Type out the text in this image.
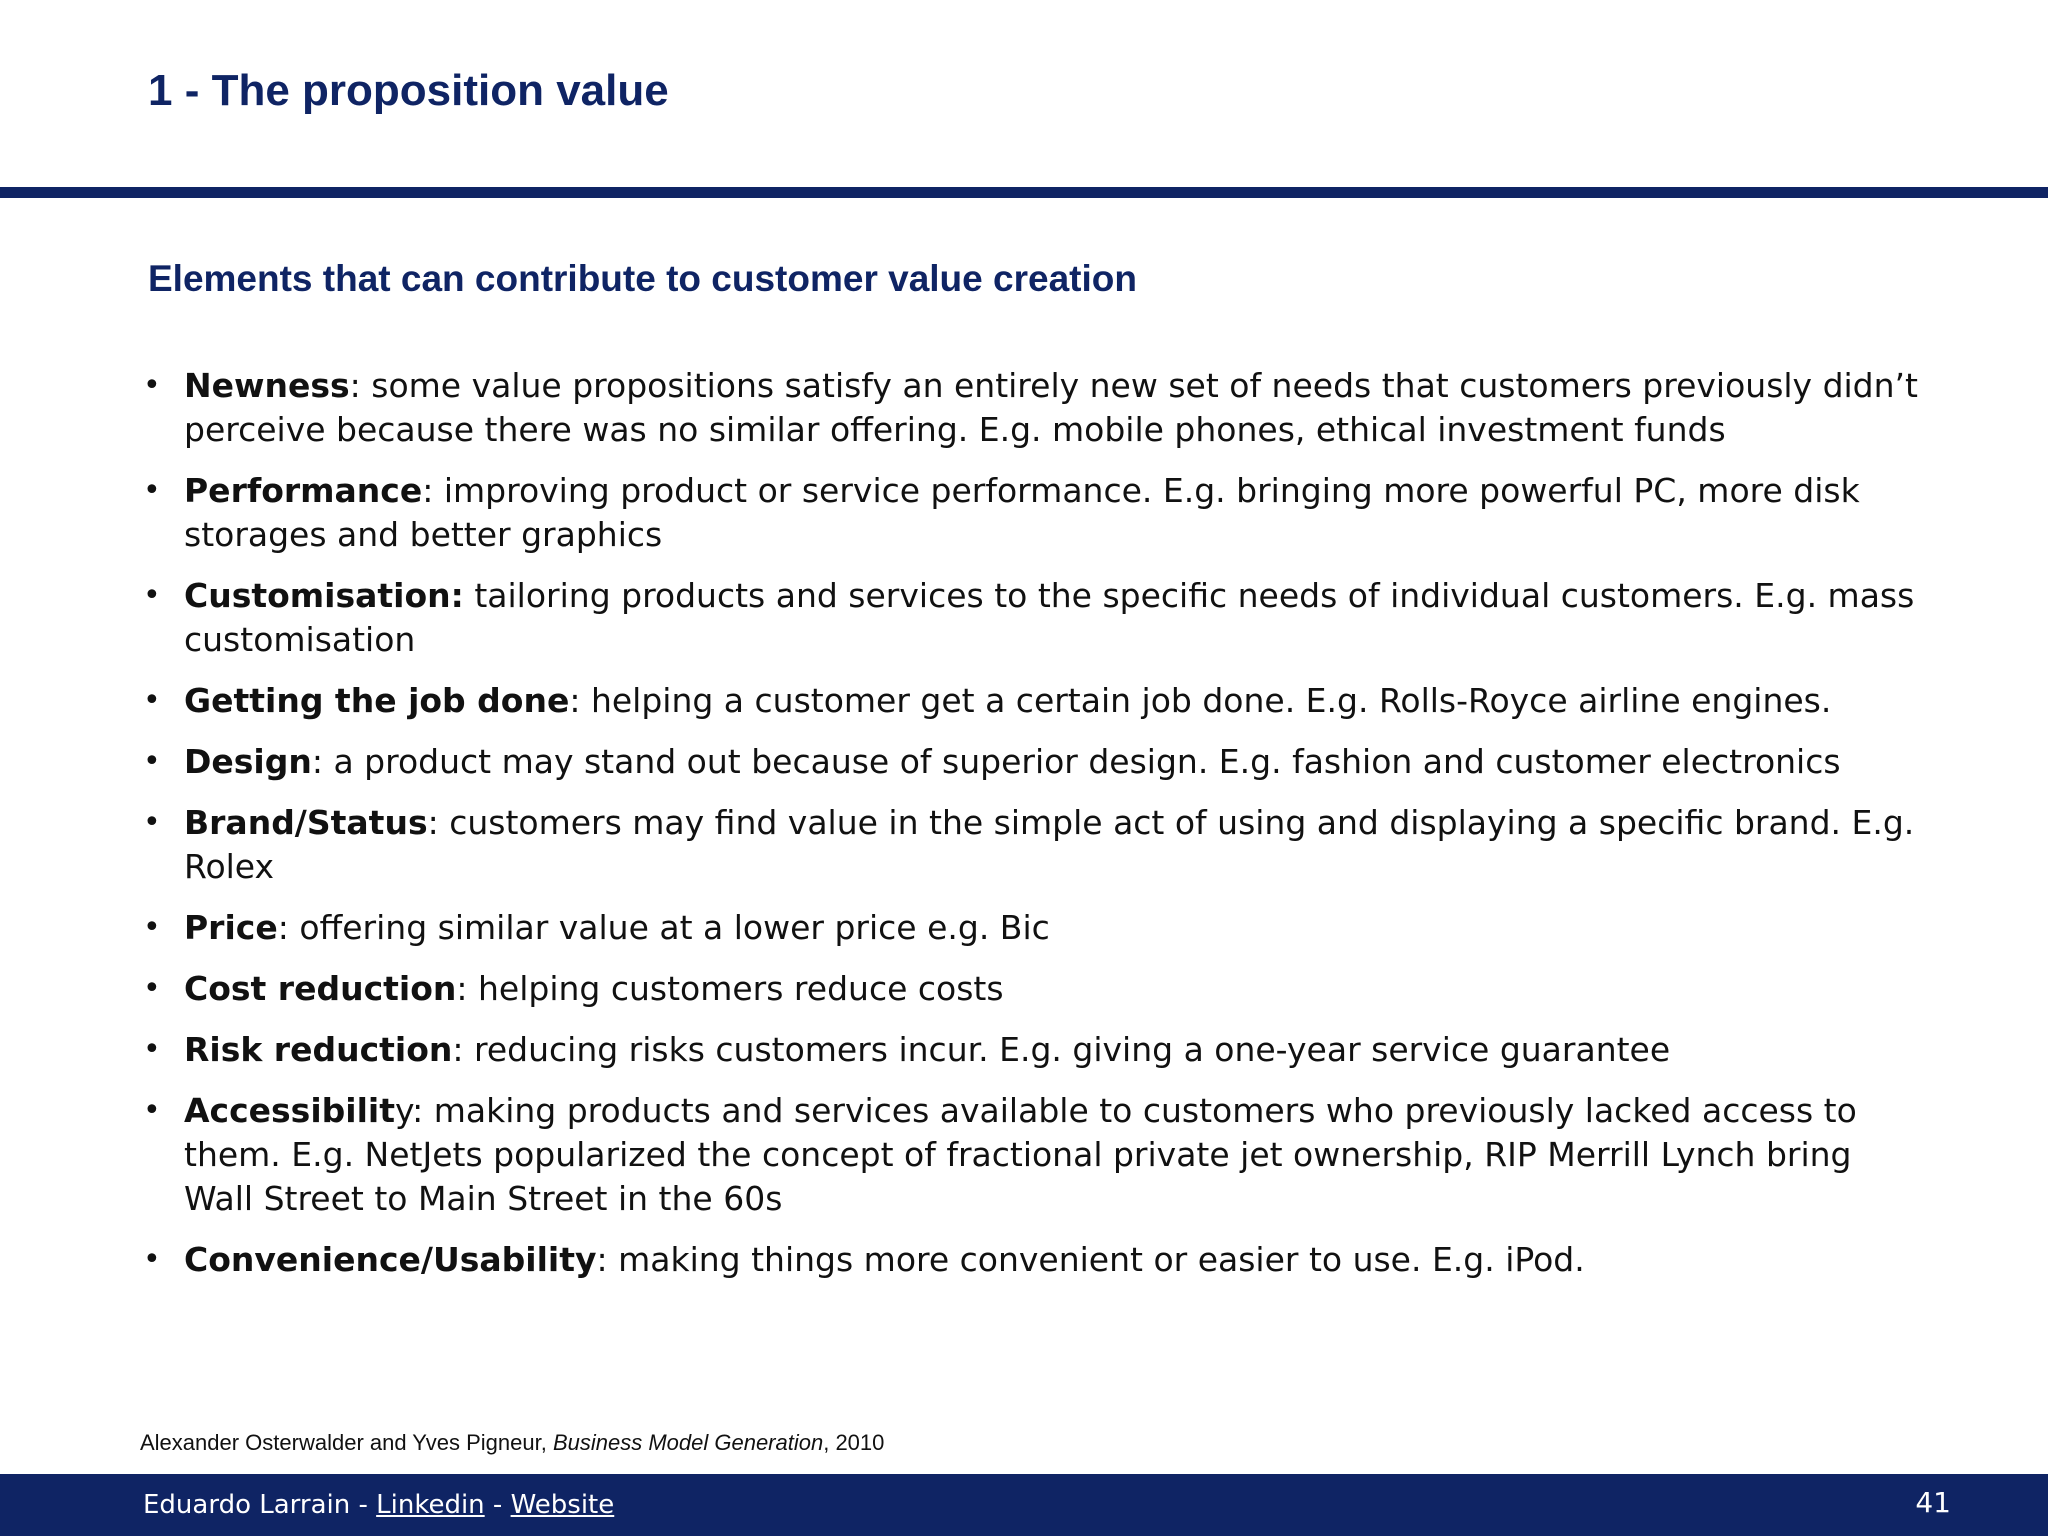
1 - The proposition value
Elements that can contribute to customer value creation
• Newness: some value propositions satisfy an entirely new set of needs that customers previously didn’t perceive because there was no similar offering. E.g. mobile phones, ethical investment funds
• Performance: improving product or service performance. E.g. bringing more powerful PC, more disk storages and better graphics
• Customisation: tailoring products and services to the specific needs of individual customers. E.g. mass customisation
• Getting the job done: helping a customer get a certain job done. E.g. Rolls-Royce airline engines.
• Design: a product may stand out because of superior design. E.g. fashion and customer electronics
• Brand/Status: customers may find value in the simple act of using and displaying a specific brand. E.g. Rolex
• Price: offering similar value at a lower price e.g. Bic
• Cost reduction: helping customers reduce costs
• Risk reduction: reducing risks customers incur. E.g. giving a one-year service guarantee
• Accessibility: making products and services available to customers who previously lacked access to them. E.g. NetJets popularized the concept of fractional private jet ownership, RIP Merrill Lynch bring Wall Street to Main Street in the 60s
• Convenience/Usability: making things more convenient or easier to use. E.g. iPod.
Alexander Osterwalder and Yves Pigneur, Business Model Generation, 2010
Eduardo Larrain - Linkedin - Website	41
